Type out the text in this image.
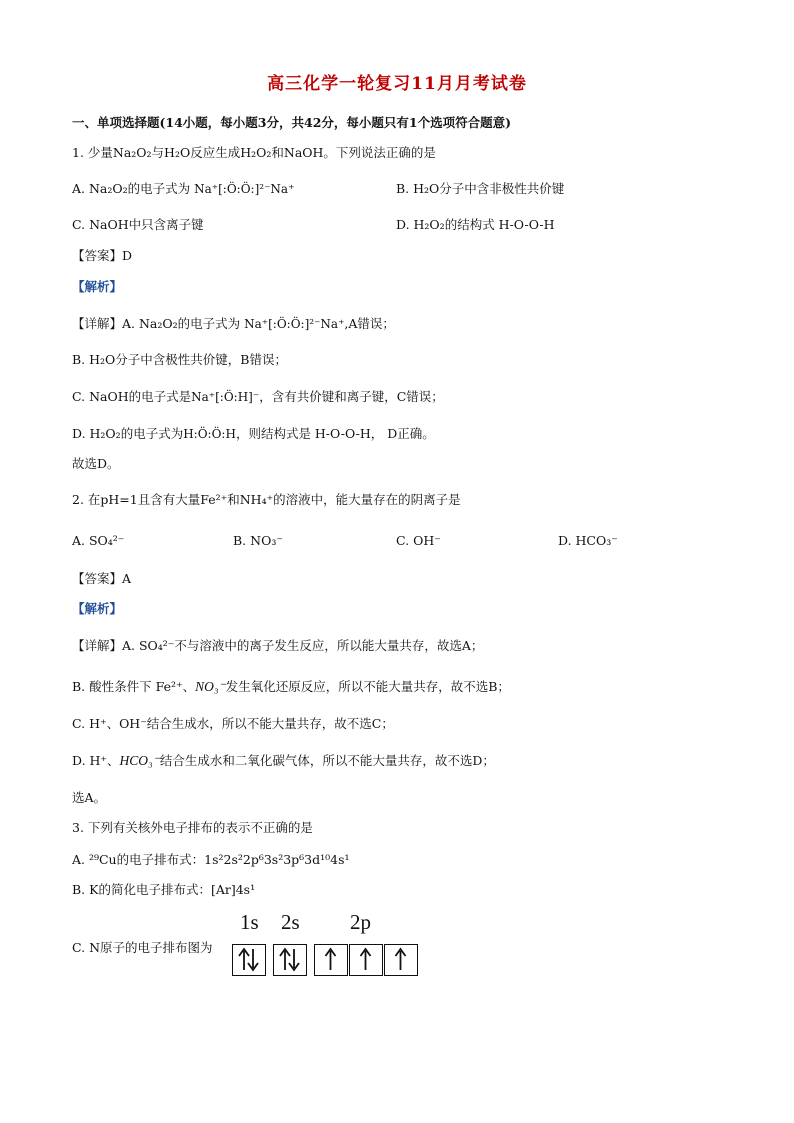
高三化学一轮复习11月月考试卷
一、单项选择题(14小题，每小题3分，共42分，每小题只有1个选项符合题意)
1. 少量Na₂O₂与H₂O反应生成H₂O₂和NaOH。下列说法正确的是
A. Na₂O₂的电子式为 Na⁺[:Ö:Ö:]²⁻Na⁺	B. H₂O分子中含非极性共价键
C. NaOH中只含离子键	D. H₂O₂的结构式 H-O-O-H
【答案】D
【解析】
【详解】A. Na₂O₂的电子式为 Na⁺[:Ö:Ö:]²⁻Na⁺,A错误；
B. H₂O分子中含极性共价键，B错误；
C. NaOH的电子式是Na⁺[:Ö:H]⁻，含有共价键和离子键，C错误；
D. H₂O₂的电子式为H:Ö:Ö:H，则结构式是 H-O-O-H， D正确。
故选D。
2. 在pH=1且含有大量Fe²⁺和NH₄⁺的溶液中，能大量存在的阴离子是
A. SO₄²⁻	B. NO₃⁻	C. OH⁻	D. HCO₃⁻
【答案】A
【解析】
【详解】A. SO₄²⁻不与溶液中的离子发生反应，所以能大量共存，故选A；
B. 酸性条件下 Fe²⁺、NO₃⁻发生氧化还原反应，所以不能大量共存，故不选B；
C. H⁺、OH⁻结合生成水，所以不能大量共存，故不选C；
D. H⁺、HCO₃⁻结合生成水和二氧化碳气体，所以不能大量共存，故不选D；
选A。
3. 下列有关核外电子排布的表示不正确的是
A. ²⁹Cu的电子排布式：1s²2s²2p⁶3s²3p⁶3d¹⁰4s¹
B. K的简化电子排布式：[Ar]4s¹
C. N原子的电子排布图为
1s 2s 2p
